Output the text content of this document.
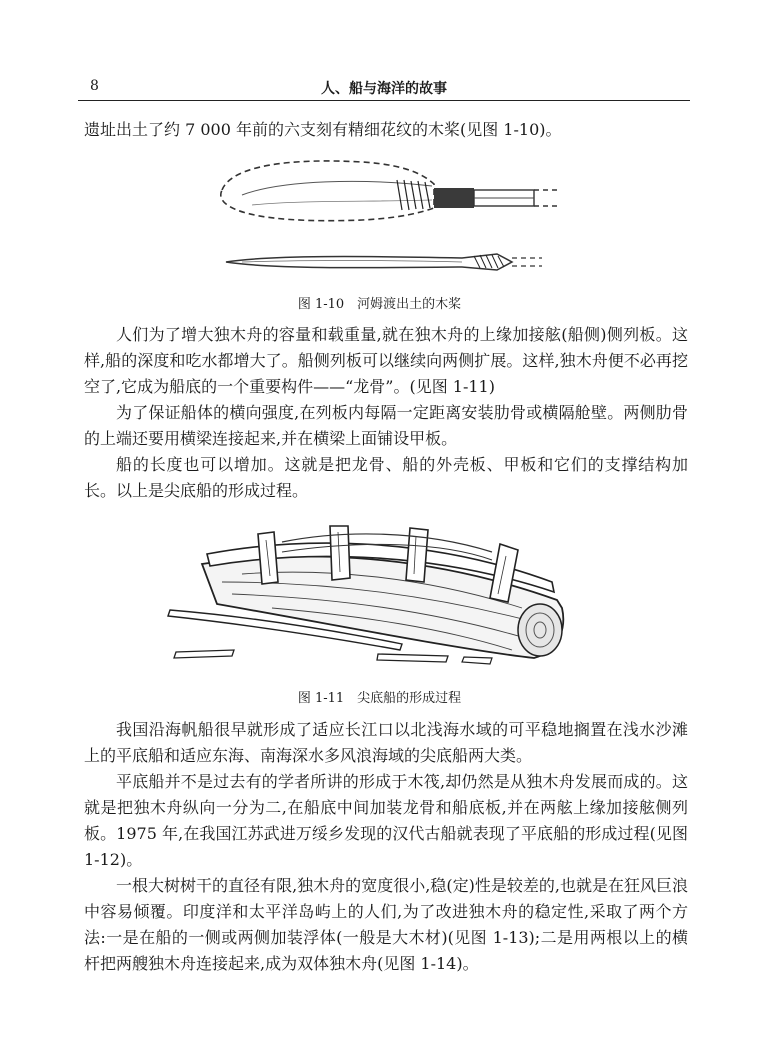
8	人、船与海洋的故事

遗址出土了约 7 000 年前的六支刻有精细花纹的木桨(见图 1-10)。

图 1-10　河姆渡出土的木桨

人们为了增大独木舟的容量和载重量,就在独木舟的上缘加接舷(船侧)侧列板。这样,船的深度和吃水都增大了。船侧列板可以继续向两侧扩展。这样,独木舟便不必再挖空了,它成为船底的一个重要构件——“龙骨”。(见图 1-11)

为了保证船体的横向强度,在列板内每隔一定距离安装肋骨或横隔舱壁。两侧肋骨的上端还要用横梁连接起来,并在横梁上面铺设甲板。

船的长度也可以增加。这就是把龙骨、船的外壳板、甲板和它们的支撑结构加长。以上是尖底船的形成过程。

图 1-11　尖底船的形成过程

我国沿海帆船很早就形成了适应长江口以北浅海水域的可平稳地搁置在浅水沙滩上的平底船和适应东海、南海深水多风浪海域的尖底船两大类。

平底船并不是过去有的学者所讲的形成于木筏,却仍然是从独木舟发展而成的。这就是把独木舟纵向一分为二,在船底中间加装龙骨和船底板,并在两舷上缘加接舷侧列板。1975 年,在我国江苏武进万绥乡发现的汉代古船就表现了平底船的形成过程(见图 1-12)。

一根大树树干的直径有限,独木舟的宽度很小,稳(定)性是较差的,也就是在狂风巨浪中容易倾覆。印度洋和太平洋岛屿上的人们,为了改进独木舟的稳定性,采取了两个方法:一是在船的一侧或两侧加装浮体(一般是大木材)(见图 1-13);二是用两根以上的横杆把两艘独木舟连接起来,成为双体独木舟(见图 1-14)。
